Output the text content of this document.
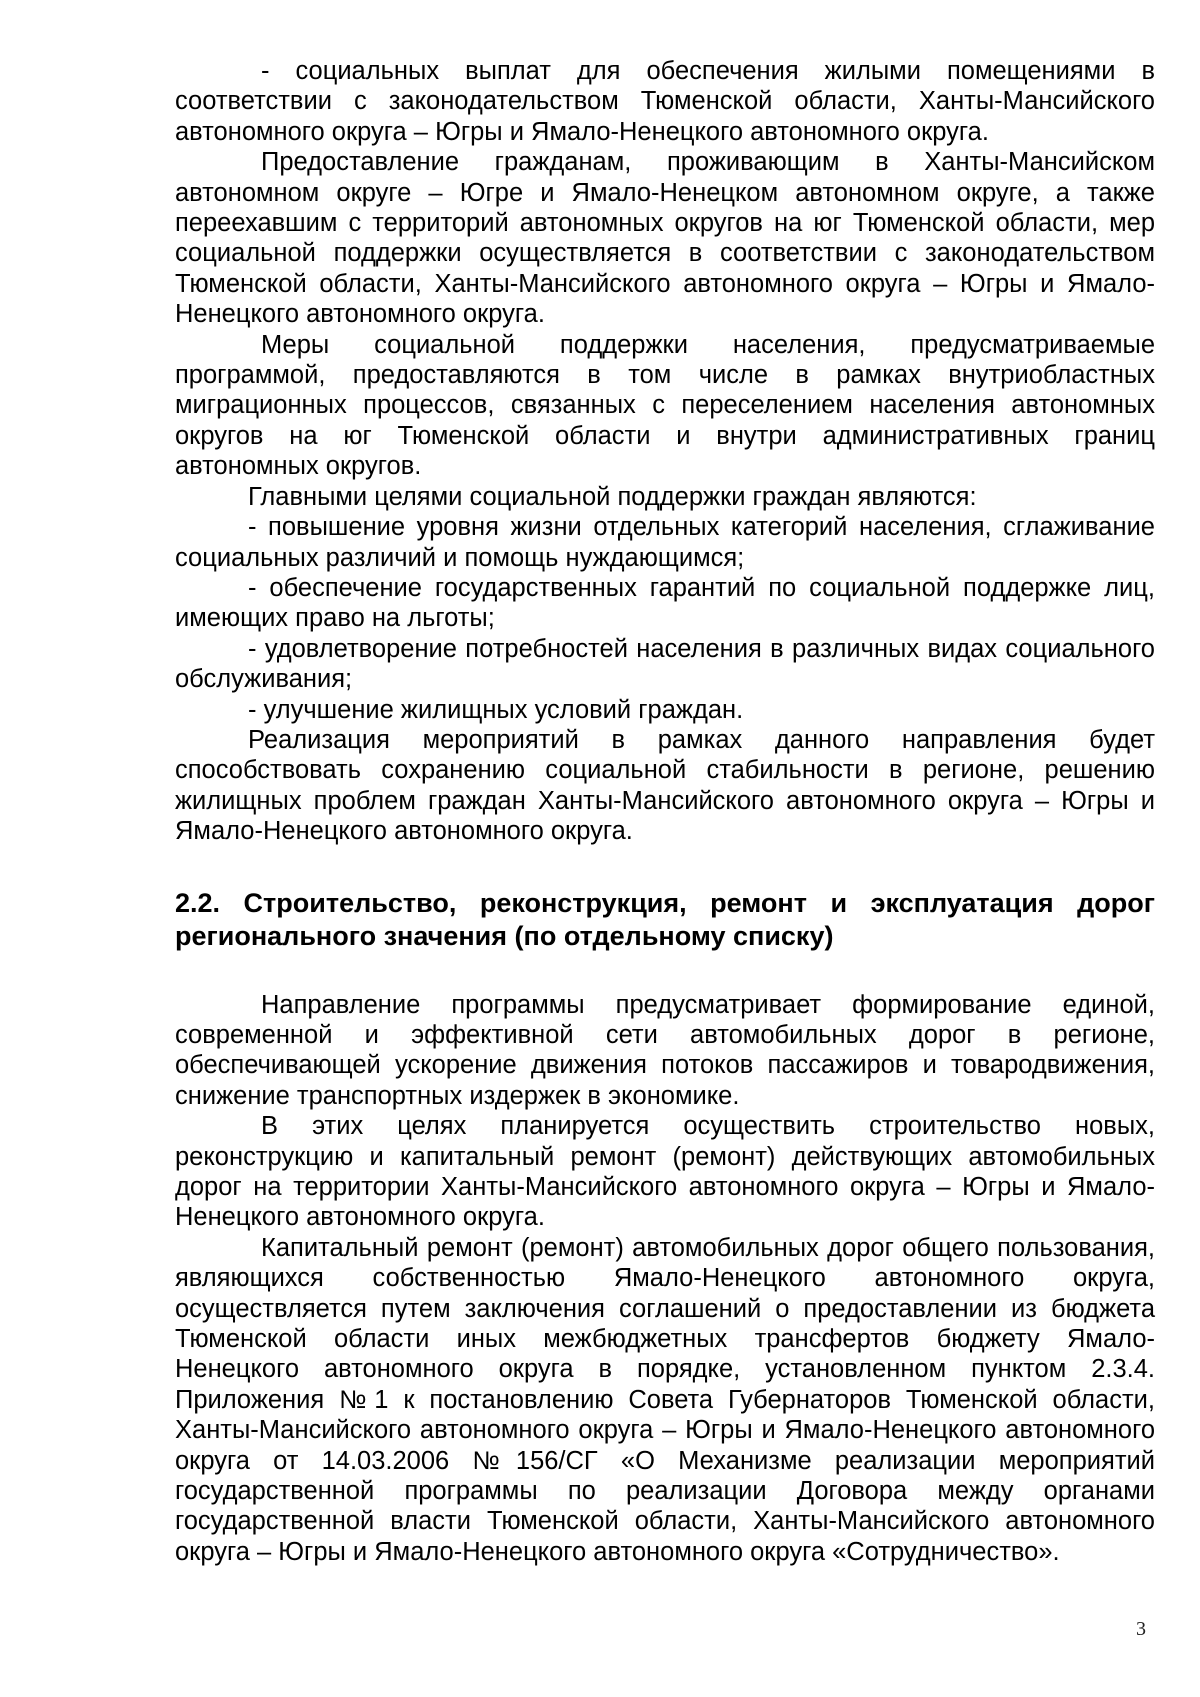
- социальных выплат для обеспечения жилыми помещениями в соответствии с законодательством Тюменской области, Ханты-Мансийского автономного округа – Югры и Ямало-Ненецкого автономного округа.

Предоставление гражданам, проживающим в Ханты-Мансийском автономном округе – Югре и Ямало-Ненецком автономном округе, а также переехавшим с территорий автономных округов на юг Тюменской области, мер социальной поддержки осуществляется в соответствии с законодательством Тюменской области, Ханты-Мансийского автономного округа – Югры и Ямало-Ненецкого автономного округа.

Меры социальной поддержки населения, предусматриваемые программой, предоставляются в том числе в рамках внутриобластных миграционных процессов, связанных с переселением населения автономных округов на юг Тюменской области и внутри административных границ автономных округов.

Главными целями социальной поддержки граждан являются:

- повышение уровня жизни отдельных категорий населения, сглаживание социальных различий и помощь нуждающимся;

- обеспечение государственных гарантий по социальной поддержке лиц, имеющих право на льготы;

- удовлетворение потребностей населения в различных видах социального обслуживания;

- улучшение жилищных условий граждан.

Реализация мероприятий в рамках данного направления будет способствовать сохранению социальной стабильности в регионе, решению жилищных проблем граждан Ханты-Мансийского автономного округа – Югры и Ямало-Ненецкого автономного округа.

2.2. Строительство, реконструкция, ремонт и эксплуатация дорог регионального значения (по отдельному списку)

Направление программы предусматривает формирование единой, современной и эффективной сети автомобильных дорог в регионе, обеспечивающей ускорение движения потоков пассажиров и товародвижения, снижение транспортных издержек в экономике.

В этих целях планируется осуществить строительство новых, реконструкцию и капитальный ремонт (ремонт) действующих автомобильных дорог на территории Ханты-Мансийского автономного округа – Югры и Ямало-Ненецкого автономного округа.

Капитальный ремонт (ремонт) автомобильных дорог общего пользования, являющихся собственностью Ямало-Ненецкого автономного округа, осуществляется путем заключения соглашений о предоставлении из бюджета Тюменской области иных межбюджетных трансфертов бюджету Ямало-Ненецкого автономного округа в порядке, установленном пунктом 2.3.4. Приложения №1 к постановлению Совета Губернаторов Тюменской области, Ханты-Мансийского автономного округа – Югры и Ямало-Ненецкого автономного округа от 14.03.2006 №156/СГ «О Механизме реализации мероприятий государственной программы по реализации Договора между органами государственной власти Тюменской области, Ханты-Мансийского автономного округа – Югры и Ямало-Ненецкого автономного округа «Сотрудничество».

3
